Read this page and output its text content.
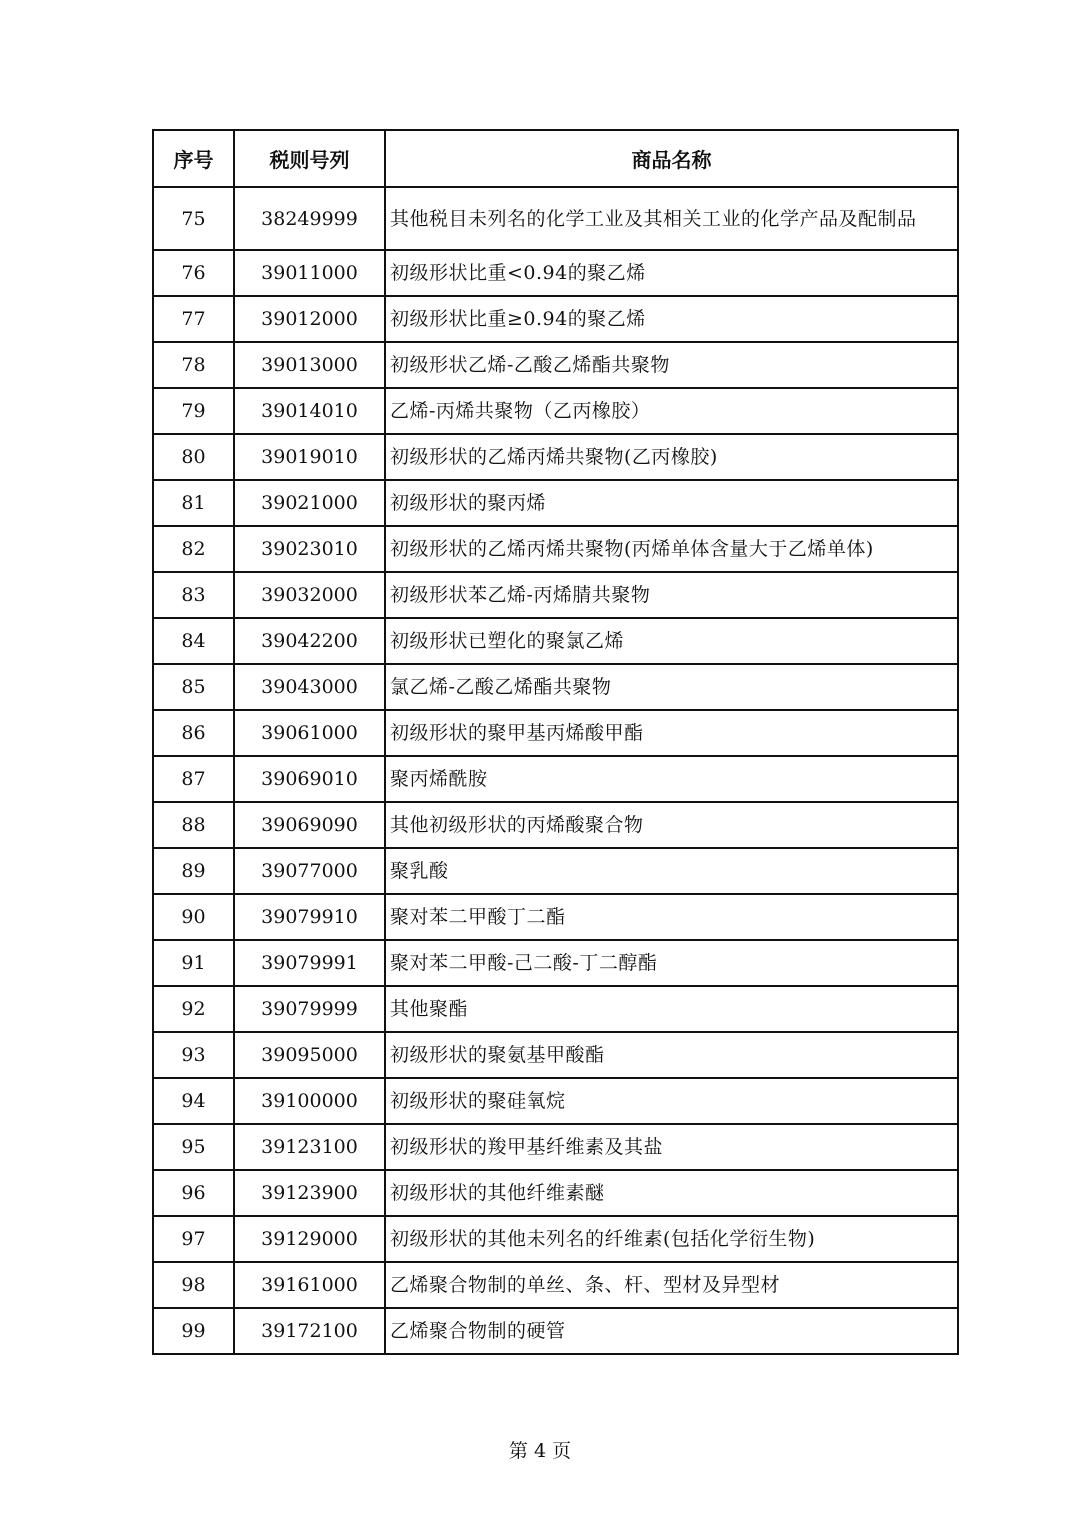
序号	税则号列	商品名称
75	38249999	其他税目未列名的化学工业及其相关工业的化学产品及配制品
76	39011000	初级形状比重<0.94的聚乙烯
77	39012000	初级形状比重≥0.94的聚乙烯
78	39013000	初级形状乙烯-乙酸乙烯酯共聚物
79	39014010	乙烯-丙烯共聚物（乙丙橡胶）
80	39019010	初级形状的乙烯丙烯共聚物(乙丙橡胶)
81	39021000	初级形状的聚丙烯
82	39023010	初级形状的乙烯丙烯共聚物(丙烯单体含量大于乙烯单体)
83	39032000	初级形状苯乙烯-丙烯腈共聚物
84	39042200	初级形状已塑化的聚氯乙烯
85	39043000	氯乙烯-乙酸乙烯酯共聚物
86	39061000	初级形状的聚甲基丙烯酸甲酯
87	39069010	聚丙烯酰胺
88	39069090	其他初级形状的丙烯酸聚合物
89	39077000	聚乳酸
90	39079910	聚对苯二甲酸丁二酯
91	39079991	聚对苯二甲酸-己二酸-丁二醇酯
92	39079999	其他聚酯
93	39095000	初级形状的聚氨基甲酸酯
94	39100000	初级形状的聚硅氧烷
95	39123100	初级形状的羧甲基纤维素及其盐
96	39123900	初级形状的其他纤维素醚
97	39129000	初级形状的其他未列名的纤维素(包括化学衍生物)
98	39161000	乙烯聚合物制的单丝、条、杆、型材及异型材
99	39172100	乙烯聚合物制的硬管
第 4 页
